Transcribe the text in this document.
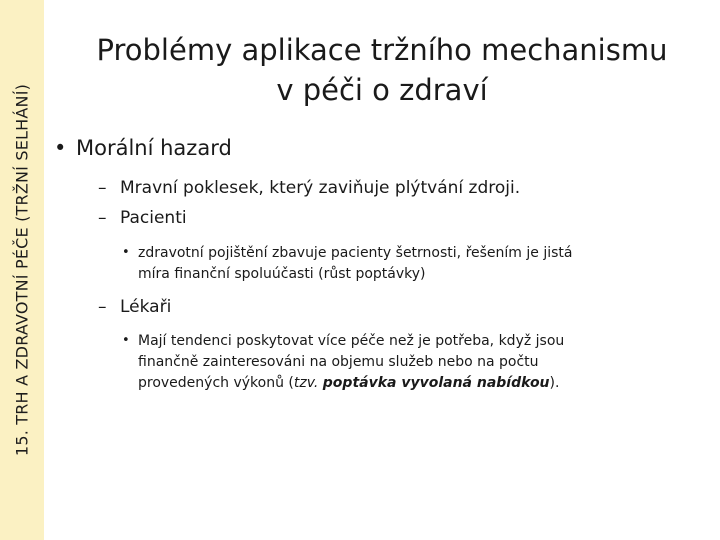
15. TRH A ZDRAVOTNÍ PÉČE (TRŽNÍ SELHÁNÍ)
Problémy aplikace tržního mechanismu
v péči o zdraví
• Morální hazard
– Mravní poklesek, který zaviňuje plýtvání zdroji.
– Pacienti
• zdravotní pojištění zbavuje pacienty šetrnosti, řešením je jistá
míra finanční spoluúčasti (růst poptávky)
– Lékaři
• Mají tendenci poskytovat více péče než je potřeba, když jsou
finančně zainteresováni na objemu služeb nebo na počtu
provedených výkonů (tzv. poptávka vyvolaná nabídkou).
